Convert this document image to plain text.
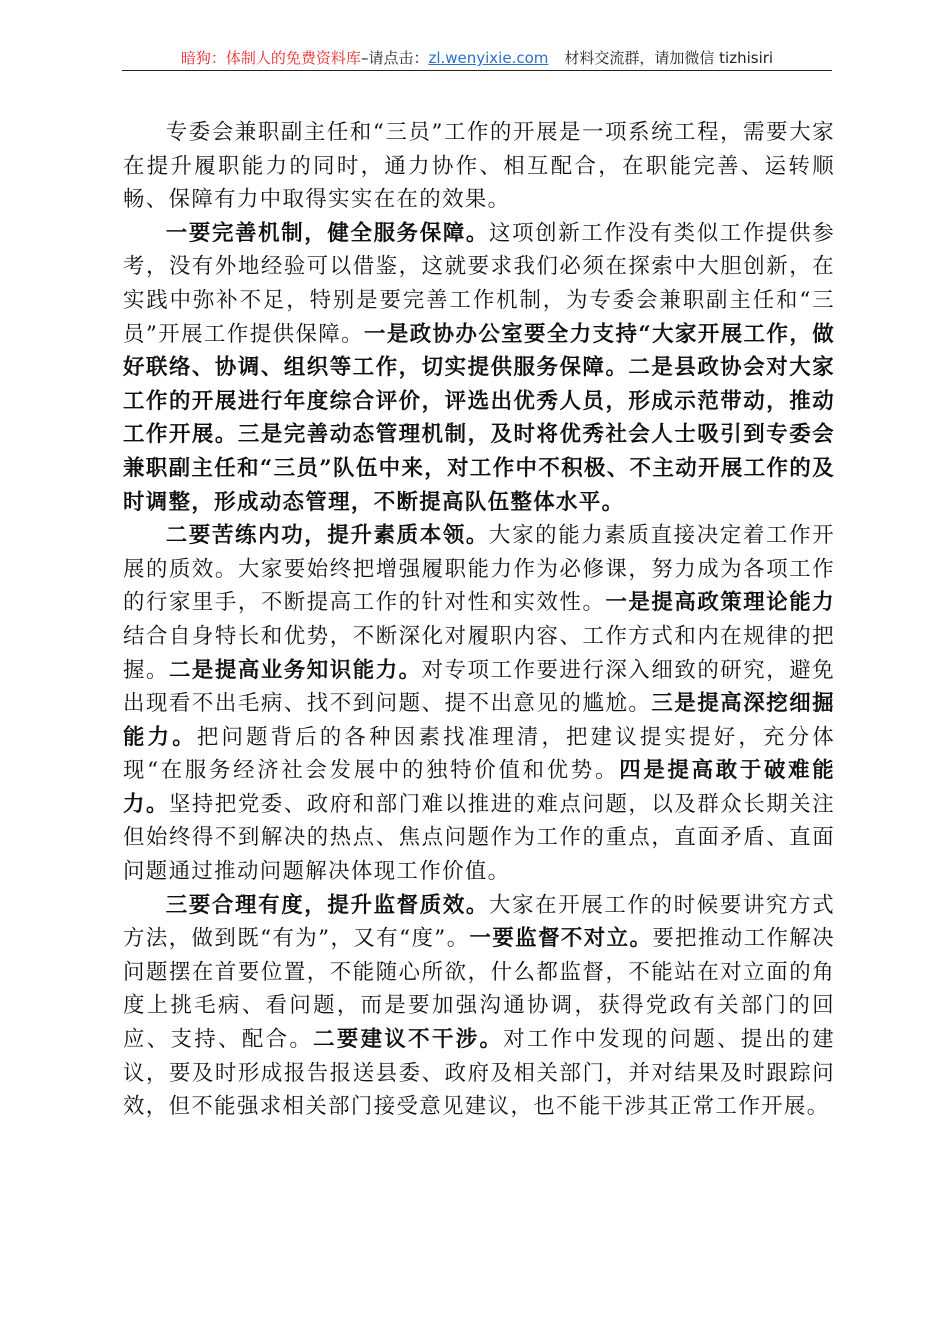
暗狗：体制人的免费资料库–请点击：zl.wenyixie.com 材料交流群，请加微信 tizhisiri

专委会兼职副主任和“三员”工作的开展是一项系统工程，需要大家在提升履职能力的同时，通力协作、相互配合，在职能完善、运转顺畅、保障有力中取得实实在在的效果。

一要完善机制，健全服务保障。这项创新工作没有类似工作提供参考，没有外地经验可以借鉴，这就要求我们必须在探索中大胆创新，在实践中弥补不足，特别是要完善工作机制，为专委会兼职副主任和“三员”开展工作提供保障。一是政协办公室要全力支持“大家开展工作，做好联络、协调、组织等工作，切实提供服务保障。二是县政协会对大家工作的开展进行年度综合评价，评选出优秀人员，形成示范带动，推动工作开展。三是完善动态管理机制，及时将优秀社会人士吸引到专委会兼职副主任和“三员”队伍中来，对工作中不积极、不主动开展工作的及时调整，形成动态管理，不断提高队伍整体水平。

二要苦练内功，提升素质本领。大家的能力素质直接决定着工作开展的质效。大家要始终把增强履职能力作为必修课，努力成为各项工作的行家里手，不断提高工作的针对性和实效性。一是提高政策理论能力结合自身特长和优势，不断深化对履职内容、工作方式和内在规律的把握。二是提高业务知识能力。对专项工作要进行深入细致的研究，避免出现看不出毛病、找不到问题、提不出意见的尴尬。三是提高深挖细掘能力。把问题背后的各种因素找准理清，把建议提实提好，充分体现“在服务经济社会发展中的独特价值和优势。四是提高敢于破难能力。坚持把党委、政府和部门难以推进的难点问题，以及群众长期关注但始终得不到解决的热点、焦点问题作为工作的重点，直面矛盾、直面问题通过推动问题解决体现工作价值。

三要合理有度，提升监督质效。大家在开展工作的时候要讲究方式方法，做到既“有为”，又有“度”。一要监督不对立。要把推动工作解决问题摆在首要位置，不能随心所欲，什么都监督，不能站在对立面的角度上挑毛病、看问题，而是要加强沟通协调，获得党政有关部门的回应、支持、配合。二要建议不干涉。对工作中发现的问题、提出的建议，要及时形成报告报送县委、政府及相关部门，并对结果及时跟踪问效，但不能强求相关部门接受意见建议，也不能干涉其正常工作开展。
